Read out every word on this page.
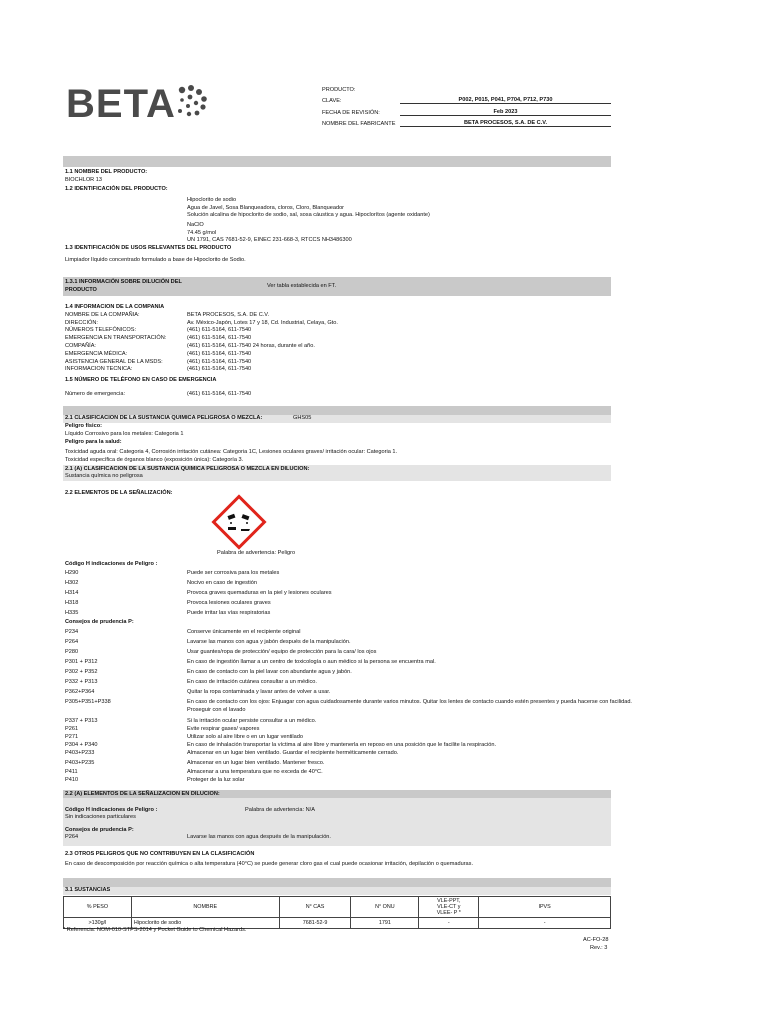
BETA	PRODUCTO:
CLAVE:	P002, P015, P041, P704, P712, P730
FECHA DE REVISIÓN:	Feb 2023
NOMBRE DEL FABRICANTE	BETA PROCESOS, S.A. DE C.V.
1.1 NOMBRE DEL PRODUCTO:
BIOCHLOR 13
1.2 IDENTIFICACIÓN DEL PRODUCTO:
Hipoclorito de sodio
Agua de Javel, Sosa Blanqueadora, cloros, Cloro, Blanqueador
Solución alcalina de hipoclorito de sodio, sal, sosa cáustica y agua. Hipoclorítos (agente oxidante)
NaClO
74.45 g/mol
UN 1791, CAS 7681-52-9, EINEC 231-668-3, RTCCS NH3486300
1.3 IDENTIFICACIÓN DE USOS RELEVANTES DEL PRODUCTO
Limpiador líquido concentrado formulado a base de Hipoclorito de Sodio.
1.3.1 INFORMACIÓN SOBRE DILUCIÓN DEL
PRODUCTO
Ver tabla establecida en FT.
1.4 INFORMACION DE LA COMPANIA
NOMBRE DE LA COMPAÑIA:	BETA PROCESOS, S.A. DE C.V.
DIRECCIÓN:	Av. México-Japón, Lotes 17 y 18, Cd. Industrial, Celaya, Gto.
NÚMEROS TELEFÓNICOS:	(461) 611-5164, 611-7540
EMERGENCIA EN TRANSPORTACIÓN:	(461) 611-5164, 611-7540
COMPAÑÍA:	(461) 611-5164, 611-7540 24 horas, durante el año.
EMERGENCIA MÉDICA:	(461) 611-5164, 611-7540
ASISTENCIA GENERAL DE LA MSDS:	(461) 611-5164, 611-7540
INFORMACION TECNICA:	(461) 611-5164, 611-7540
1.5 NÚMERO DE TELÉFONO EN CASO DE EMERGENCIA
Número de emergencia:	(461) 611-5164, 611-7540
2.1 CLASIFICACION DE LA SUSTANCIA QUIMICA PELIGROSA O MEZCLA:	GHS05
Peligro físico:
Líquido Corrosivo para los metales: Categoria 1
Peligro para la salud:
Toxicidad aguda oral: Categoria 4, Corrosión irritación cutánea: Categoria 1C, Lesiones oculares graves/ irritación ocular: Categoria 1.
Toxicidad específica de órganos blanco (exposición única): Categoría 3.
2.1 (A) CLASIFICACION DE LA SUSTANCIA QUIMICA PELIGROSA O MEZCLA EN DILUCION:
Sustancia química no peligrosa
2.2 ELEMENTOS DE LA SEÑALIZACIÓN:
Palabra de advertencia: Peligro
Código H indicaciones de Peligro :
H290	Puede ser corrosiva para los metales
H302	Nocivo en caso de ingestión
H314	Provoca graves quemaduras en la piel y lesiones oculares
H318	Provoca lesiones oculares graves
H335	Puede irritar las vías respiratorias
Consejos de prudencia P:
P234	Conserve únicamente en el recipiente original
P264	Lavarse las manos con agua y jabón después de la manipulación.
P280	Usar guantes/ropa de protección/ equipo de protección para la cara/ los ojos
P301 + P312	En caso de ingestión llamar a un centro de toxicología o aun médico si la persona se encuentra mal.
P302 + P352	En caso de contacto con la piel lavar con abundante agua y jabón.
P332 + P313	En caso de irritación cutánea consultar a un médico.
P362+P364	Quitar la ropa contaminada y lavar antes de volver a usar.
P305+P351+P338	En caso de contacto con los ojos: Enjuagar con agua cuidadosamente durante varios minutos. Quitar los lentes de contacto cuando estén presentes y pueda hacerse con facilidad.
Proseguir con el lavado
P337 + P313	Si la irritación ocular persiste consultar a un médico.
P261	Evite respirar gases/ vapores
P271	Utilizar solo al aire libre o en un lugar ventilado
P304 + P340	En caso de inhalación transportar la víctima al aire libre y mantenerla en reposo en una posición que le facilite la respiración.
P403+P233	Almacenar en un lugar bien ventilado. Guardar el recipiente herméticamente cerrado.
P403+P235	Almacenar en un lugar bien ventilado. Mantener fresco.
P411	Almacenar a una temperatura que no exceda de 40°C.
P410	Proteger de la luz solar
2.2 (A) ELEMENTOS DE LA SEÑALIZACION EN DILUCION:
Código H indicaciones de Peligro :	Palabra de advertencia: N/A
Sin indicaciones particulares
Consejos de prudencia P:
P264	Lavarse las manos con agua después de la manipulación.
2.3 OTROS PELIGROS QUE NO CONTRIBUYEN EN LA CLASIFICACIÓN
En caso de descomposición por reacción química o alta temperatura (40°C) se puede generar cloro gas el cual puede ocasionar irritación, depilación o quemaduras.
3.1 SUSTANCIAS
% PESO	NOMBRE	N° CAS	N° ONU	VLE-PPT,
VLE-CT y
VLEE- P *	IPVS
>130g/l	Hipoclorito de sodio	7681-52-9	1791	-	-
* Referencia: NOM-010-STPS-2014 y Pocket Guide to Chemical Hazards.
AC-FO-28
Rev.: 3
